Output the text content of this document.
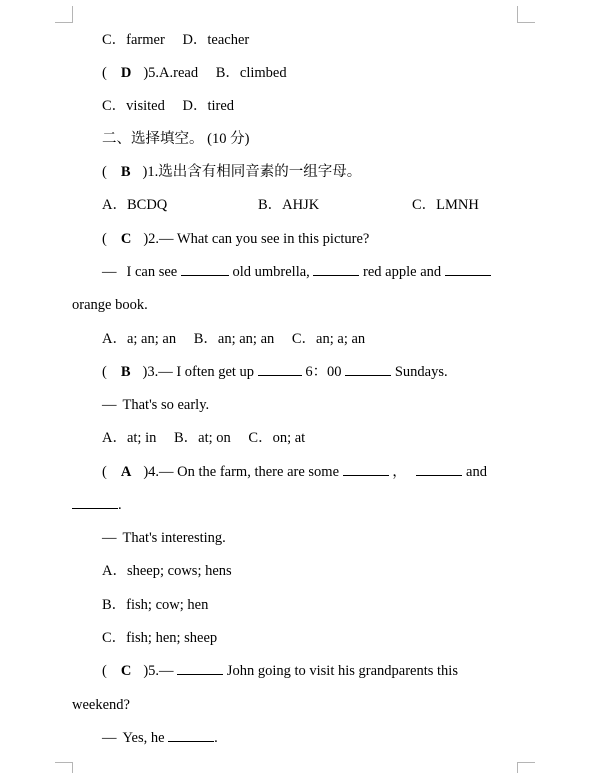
C．farmer D．teacher
( D )5.A.read B．climbed
C．visited D．tired
二、选择填空。 (10 分)
( B )1.选出含有相同音素的一组字母。
A．BCDQ	B．AHJK	C．LMNH
( C )2.— What can you see in this picture?
— I can see	old umbrella,	red apple and
orange book.
A．a; an; an B．an; an; an C．an; a; an
( B )3.— I often get up	6：00	Sundays.
— That's so early.
A．at; in B．at; on C．on; at
( A )4.— On the farm, there are some	，	and
.
— That's interesting.
A．sheep; cows; hens
B．fish; cow; hen
C．fish; hen; sheep
( C )5.—	John going to visit his grandparents this
weekend?
— Yes, he	.
